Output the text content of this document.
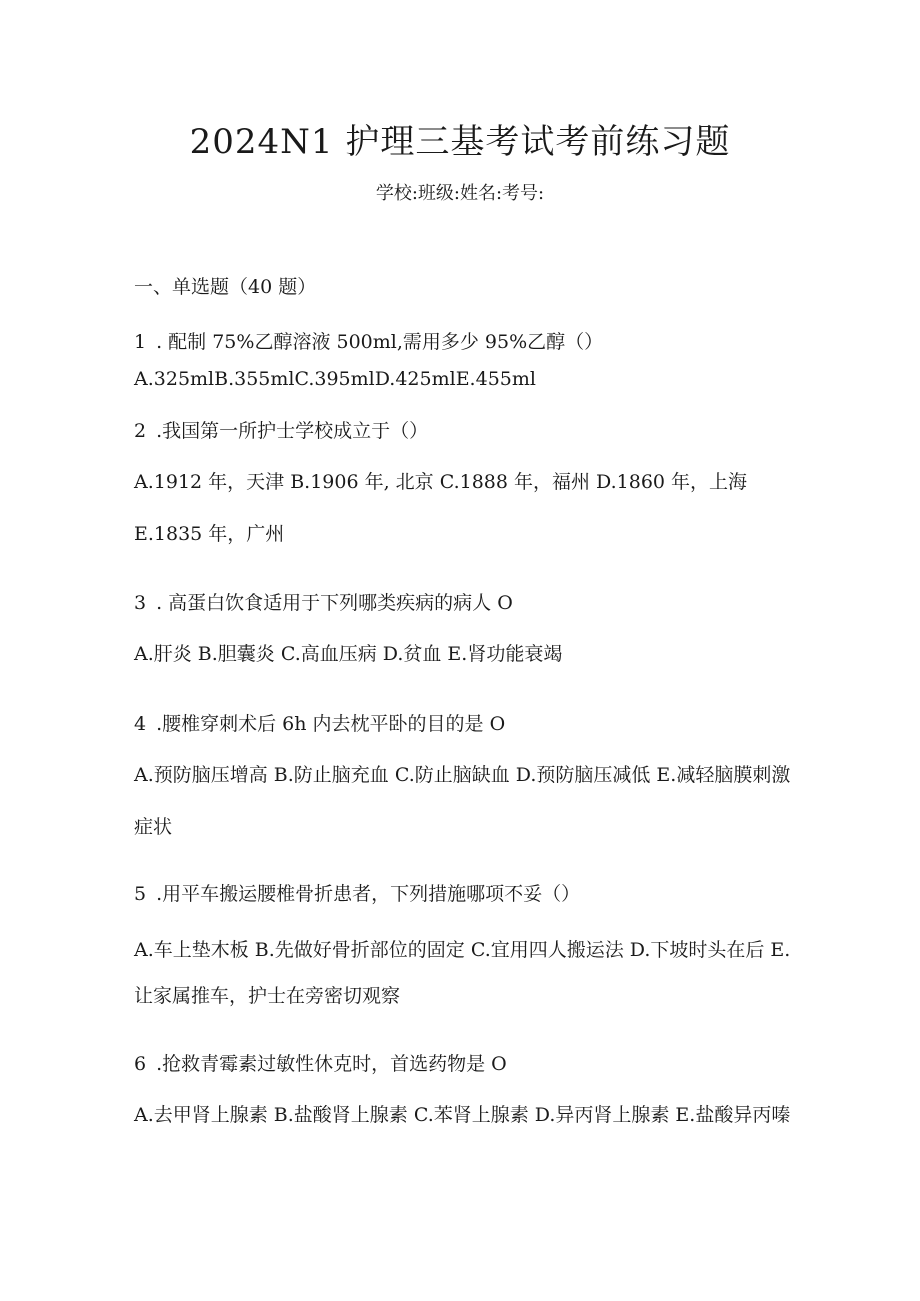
2024N1 护理三基考试考前练习题
学校:班级:姓名:考号:
一、单选题（40 题）
1 . 配制 75%乙醇溶液 500ml,需用多少 95%乙醇（）
A.325mlB.355mlC.395mlD.425mlE.455ml
2 .我国第一所护士学校成立于（）
A.1912 年，天津 B.1906 年, 北京 C.1888 年，福州 D.1860 年，上海 E.1835 年，广州
3 . 高蛋白饮食适用于下列哪类疾病的病人 O
A.肝炎 B.胆囊炎 C.高血压病 D.贫血 E.肾功能衰竭
4 .腰椎穿刺术后 6h 内去枕平卧的目的是 O
A.预防脑压增高 B.防止脑充血 C.防止脑缺血 D.预防脑压减低 E.减轻脑膜刺激症状
5 .用平车搬运腰椎骨折患者，下列措施哪项不妥（）
A.车上垫木板 B.先做好骨折部位的固定 C.宜用四人搬运法 D.下坡时头在后 E.让家属推车，护士在旁密切观察
6 .抢救青霉素过敏性休克时，首选药物是 O
A.去甲肾上腺素 B.盐酸肾上腺素 C.苯肾上腺素 D.异丙肾上腺素 E.盐酸异丙嗪
